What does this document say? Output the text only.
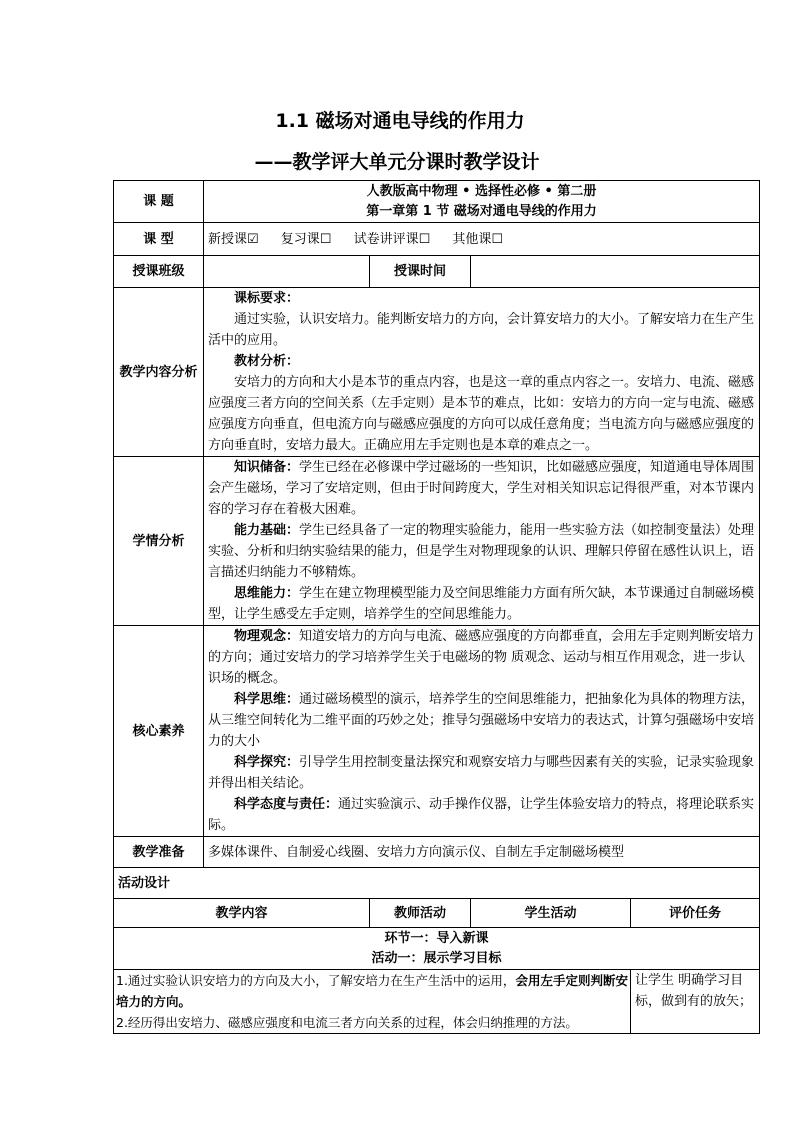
1.1 磁场对通电导线的作用力
——教学评大单元分课时教学设计
课 题	人教版高中物理 • 选择性必修 • 第二册
第一章第 1 节 磁场对通电导线的作用力			

课 型	新授课☑ 复习课☐ 试卷讲评课☐ 其他课☐			
授课班级		授课时间		
教学内容分析	课标要求：
通过实验，认识安培力。能判断安培力的方向，会计算安培力的大小。了解安培力在生产生活中的应用。
教材分析：
安培力的方向和大小是本节的重点内容，也是这一章的重点内容之一。安培力、电流、磁感应强度三者方向的空间关系（左手定则）是本节的难点，比如：安培力的方向一定与电流、磁感应强度方向垂直，但电流方向与磁感应强度的方向可以成任意角度；当电流方向与磁感应强度的方向垂直时，安培力最大。正确应用左手定则也是本章的难点之一。			

学情分析	知识储备：学生已经在必修课中学过磁场的一些知识，比如磁感应强度，知道通电导体周围会产生磁场，学习了安培定则，但由于时间跨度大，学生对相关知识忘记得很严重，对本节课内容的学习存在着极大困难。
能力基础：学生已经具备了一定的物理实验能力，能用一些实验方法（如控制变量法）处理实验、分析和归纳实验结果的能力，但是学生对物理现象的认识、理解只停留在感性认识上，语言描述归纳能力不够精炼。
思维能力：学生在建立物理模型能力及空间思维能力方面有所欠缺，本节课通过自制磁场模型，让学生感受左手定则，培养学生的空间思维能力。			

核心素养	物理观念：知道安培力的方向与电流、磁感应强度的方向都垂直，会用左手定则判断安培力的方向；通过安培力的学习培养学生关于电磁场的物 质观念、运动与相互作用观念，进一步认识场的概念。
科学思维：通过磁场模型的演示，培养学生的空间思维能力，把抽象化为具体的物理方法，从三维空间转化为二维平面的巧妙之处；推导匀强磁场中安培力的表达式，计算匀强磁场中安培力的大小
科学探究：引导学生用控制变量法探究和观察安培力与哪些因素有关的实验，记录实验现象并得出相关结论。
科学态度与责任：通过实验演示、动手操作仪器，让学生体验安培力的特点，将理论联系实际。			

教学准备	多媒体课件、自制爱心线圈、安培力方向演示仪、自制左手定制磁场模型			
活动设计				
教学内容		教师活动	学生活动	评价任务

环节一：导入新课
活动一：展示学习目标				

1.通过实验认识安培力的方向及大小，了解安培力在生产生活中的运用，会用左手定则判断安培力的方向。
2.经历得出安培力、磁感应强度和电流三者方向关系的过程，体会归纳推理的方法。				让学生 明确学习目标，做到有的放矢；
